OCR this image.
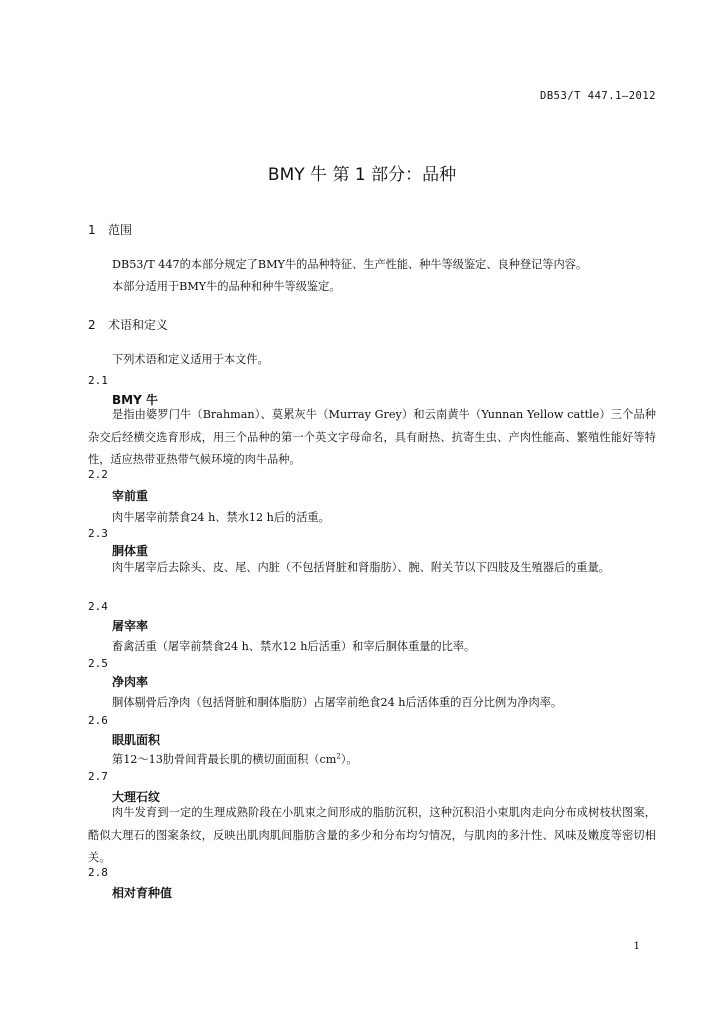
DB53/T 447.1—2012
BMY 牛 第 1 部分：品种
1 范围
DB53/T 447的本部分规定了BMY牛的品种特征、生产性能、种牛等级鉴定、良种登记等内容。
本部分适用于BMY牛的品种和种牛等级鉴定。
2 术语和定义
下列术语和定义适用于本文件。
2.1
BMY 牛
是指由婆罗门牛（Brahman）、莫累灰牛（Murray Grey）和云南黄牛（Yunnan Yellow cattle）三个品种杂交后经横交选育形成，用三个品种的第一个英文字母命名，具有耐热、抗寄生虫、产肉性能高、繁殖性能好等特性，适应热带亚热带气候环境的肉牛品种。
2.2
宰前重
肉牛屠宰前禁食24 h、禁水12 h后的活重。
2.3
胴体重
肉牛屠宰后去除头、皮、尾、内脏（不包括肾脏和肾脂肪）、腕、附关节以下四肢及生殖器后的重量。
2.4
屠宰率
畜禽活重（屠宰前禁食24 h、禁水12 h后活重）和宰后胴体重量的比率。
2.5
净肉率
胴体剔骨后净肉（包括肾脏和胴体脂肪）占屠宰前绝食24 h后活体重的百分比例为净肉率。
2.6
眼肌面积
第12～13肋骨间背最长肌的横切面面积$(cm^2)$。
2.7
大理石纹
肉牛发育到一定的生理成熟阶段在小肌束之间形成的脂肪沉积，这种沉积沿小束肌肉走向分布成树枝状图案，酷似大理石的图案条纹，反映出肌肉肌间脂肪含量的多少和分布均匀情况，与肌肉的多汁性、风味及嫩度等密切相关。
2.8
相对育种值
1
